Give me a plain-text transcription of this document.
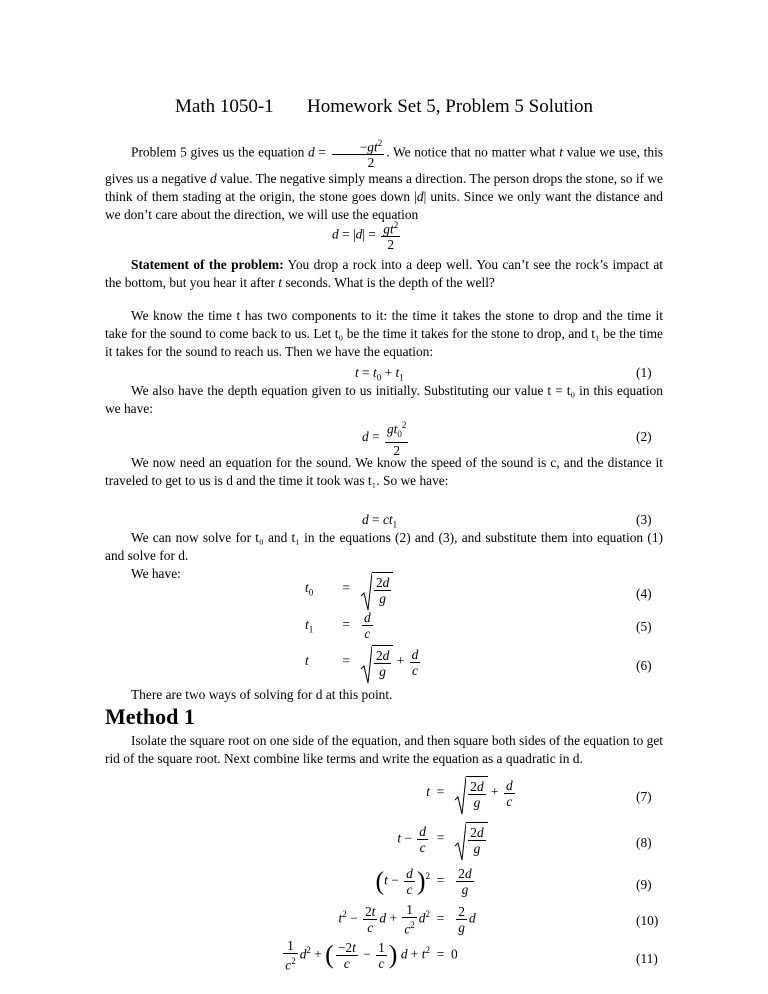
Math 1050-1 Homework Set 5, Problem 5 Solution
Problem 5 gives us the equation $d = \frac{-gt^2}{2}$ . We notice that no matter what t value we use, this gives us a negative d value. The negative simply means a direction. The person drops the stone, so if we think of them stading at the origin, the stone goes down |d| units. Since we only want the distance and we don’t care about the direction, we will use the equation
$d = |d| = \frac{gt^2}{2}$
Statement of the problem: You drop a rock into a deep well. You can’t see the rock’s impact at the bottom, but you hear it after t seconds. What is the depth of the well?
We know the time t has two components to it: the time it takes the stone to drop and the time it take for the sound to come back to us. Let t₀ be the time it takes for the stone to drop, and t₁ be the time it takes for the sound to reach us. Then we have the equation:
$t = t_0 + t_1$	(1)
We also have the depth equation given to us initially. Substituting our value t = t₀ in this equation we have:
$d = \frac{gt_0^2}{2}$	(2)
We now need an equation for the sound. We know the speed of the sound is c, and the distance it traveled to get to us is d and the time it took was t₁. So we have:
$d = ct_1$	(3)
We can now solve for t₀ and t₁ in the equations (2) and (3), and substitute them into equation (1) and solve for d.
We have:
$t_0 = \frac{2d}{g}$	(4)
$t_1 = \frac{d}{c}$	(5)
$t = \frac{2d}{g} + \frac{d}{c}$	(6)
There are two ways of solving for d at this point.
Method 1
Isolate the square root on one side of the equation, and then square both sides of the equation to get rid of the square root. Next combine like terms and write the equation as a quadratic in d.
$t = \frac{2d}{g} + \frac{d}{c}$	(7)
$t - \frac{d}{c} = \frac{2d}{g}$	(8)
$(t - \frac{d}{c} )^2 = \frac{2d}{g}$	(9)
$t^2 - \frac{2t}{c}$ $d + \frac{1}{c^2} d^2 = \frac{2}{g}$ d	(10)
$\frac{1}{c^2} d^2$ + ( $\frac{-2t}{c} - \frac{1}{c}$ ) $d + t^2 = 0$	(11)
